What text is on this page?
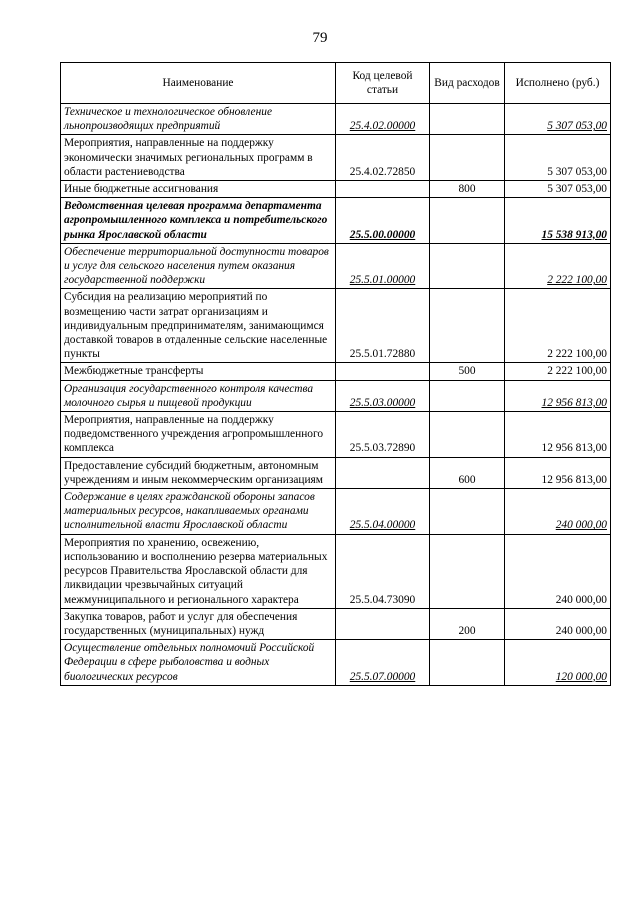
79
Наименование	Код целевой статьи	Вид расходов	Исполнено (руб.)
Техническое и технологическое обновление льнопроизводящих предприятий	25.4.02.00000		5 307 053,00
Мероприятия, направленные на поддержку экономически значимых региональных программ в области растениеводства	25.4.02.72850		5 307 053,00
Иные бюджетные ассигнования		800	5 307 053,00
Ведомственная целевая программа департамента агропромышленного комплекса и потребительского рынка Ярославской области	25.5.00.00000		15 538 913,00
Обеспечение территориальной доступности товаров и услуг для сельского населения путем оказания государственной поддержки	25.5.01.00000		2 222 100,00
Субсидия на реализацию мероприятий по возмещению части затрат организациям и индивидуальным предпринимателям, занимающимся доставкой товаров в отдаленные сельские населенные пункты	25.5.01.72880		2 222 100,00
Межбюджетные трансферты		500	2 222 100,00
Организация государственного контроля качества молочного сырья и пищевой продукции	25.5.03.00000		12 956 813,00
Мероприятия, направленные на поддержку подведомственного учреждения агропромышленного комплекса	25.5.03.72890		12 956 813,00
Предоставление субсидий бюджетным, автономным учреждениям и иным некоммерческим организациям		600	12 956 813,00
Содержание в целях гражданской обороны запасов материальных ресурсов, накапливаемых органами исполнительной власти Ярославской области	25.5.04.00000		240 000,00
Мероприятия по хранению, освежению, использованию и восполнению резерва материальных ресурсов Правительства Ярославской области для ликвидации чрезвычайных ситуаций межмуниципального и регионального характера	25.5.04.73090		240 000,00
Закупка товаров, работ и услуг для обеспечения государственных (муниципальных) нужд		200	240 000,00
Осуществление отдельных полномочий Российской Федерации в сфере рыболовства и водных биологических ресурсов	25.5.07.00000		120 000,00
